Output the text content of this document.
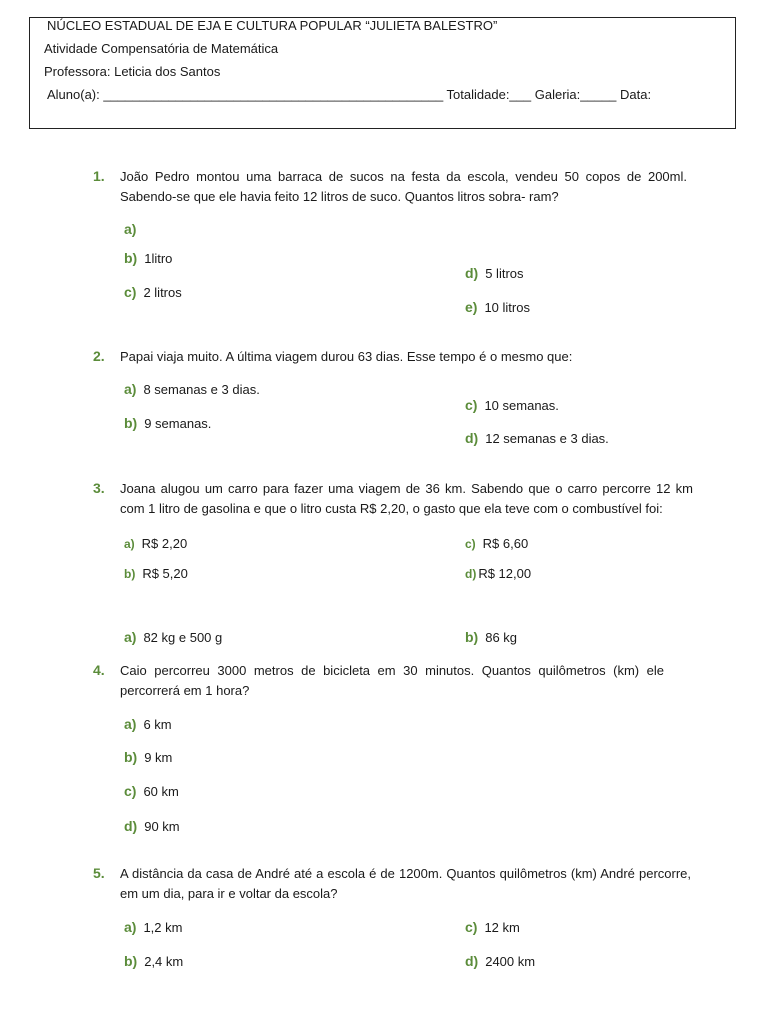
NÚCLEO ESTADUAL DE EJA E CULTURA POPULAR “JULIETA BALESTRO”
Atividade Compensatória de Matemática
Professora: Leticia dos Santos
Aluno(a): _______________________________________________ Totalidade:___ Galeria:_____ Data:
1. João Pedro montou uma barraca de sucos na festa da escola, vendeu 50 copos de 200ml. Sabendo-se que ele havia feito 12 litros de suco. Quantos litros sobra- ram?
a)
b) 1litro
c) 2 litros
d) 5 litros
e) 10 litros
2. Papai viaja muito. A última viagem durou 63 dias. Esse tempo é o mesmo que:
a) 8 semanas e 3 dias.
b) 9 semanas.
c) 10 semanas.
d) 12 semanas e 3 dias.
3. Joana alugou um carro para fazer uma viagem de 36 km. Sabendo que o carro percorre 12 km com 1 litro de gasolina e que o litro custa R$ 2,20, o gasto que ela teve com o combustível foi:
a) R$ 2,20
b) R$ 5,20
c) R$ 6,60
d) R$ 12,00
a) 82 kg e 500 g	b) 86 kg
4. Caio percorreu 3000 metros de bicicleta em 30 minutos. Quantos quilômetros (km) ele percorrerá em 1 hora?
a) 6 km
b) 9 km
c) 60 km
d) 90 km
5. A distância da casa de André até a escola é de 1200m. Quantos quilômetros (km) André percorre, em um dia, para ir e voltar da escola?
a) 1,2 km
b) 2,4 km
c) 12 km
d) 2400 km
